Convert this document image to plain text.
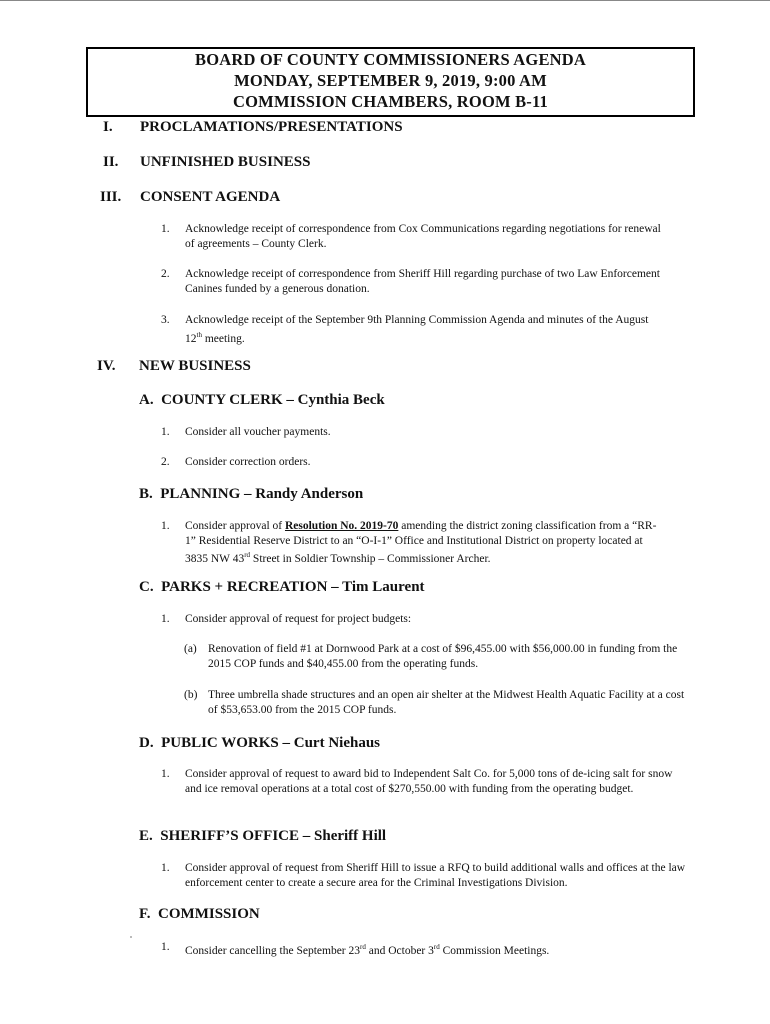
BOARD OF COUNTY COMMISSIONERS AGENDA
MONDAY, SEPTEMBER 9, 2019, 9:00 AM
COMMISSION CHAMBERS, ROOM B-11
I. PROCLAMATIONS/PRESENTATIONS
II. UNFINISHED BUSINESS
III. CONSENT AGENDA
1. Acknowledge receipt of correspondence from Cox Communications regarding negotiations for renewal of agreements – County Clerk.
2. Acknowledge receipt of correspondence from Sheriff Hill regarding purchase of two Law Enforcement Canines funded by a generous donation.
3. Acknowledge receipt of the September 9th Planning Commission Agenda and minutes of the August 12th meeting.
IV. NEW BUSINESS
A.  COUNTY CLERK – Cynthia Beck
1. Consider all voucher payments.
2. Consider correction orders.
B.  PLANNING – Randy Anderson
1. Consider approval of Resolution No. 2019-70 amending the district zoning classification from a “RR-1” Residential Reserve District to an “O-I-1” Office and Institutional District on property located at 3835 NW 43rd Street in Soldier Township – Commissioner Archer.
C.  PARKS + RECREATION – Tim Laurent
1. Consider approval of request for project budgets:
(a) Renovation of field #1 at Dornwood Park at a cost of $96,455.00 with $56,000.00 in funding from the 2015 COP funds and $40,455.00 from the operating funds.
(b) Three umbrella shade structures and an open air shelter at the Midwest Health Aquatic Facility at a cost of $53,653.00 from the 2015 COP funds.
D.  PUBLIC WORKS – Curt Niehaus
1. Consider approval of request to award bid to Independent Salt Co. for 5,000 tons of de-icing salt for snow and ice removal operations at a total cost of $270,550.00 with funding from the operating budget.
E.  SHERIFF’S OFFICE – Sheriff Hill
1. Consider approval of request from Sheriff Hill to issue a RFQ to build additional walls and offices at the law enforcement center to create a secure area for the Criminal Investigations Division.
F.  COMMISSION
1. Consider cancelling the September 23rd and October 3rd Commission Meetings.
